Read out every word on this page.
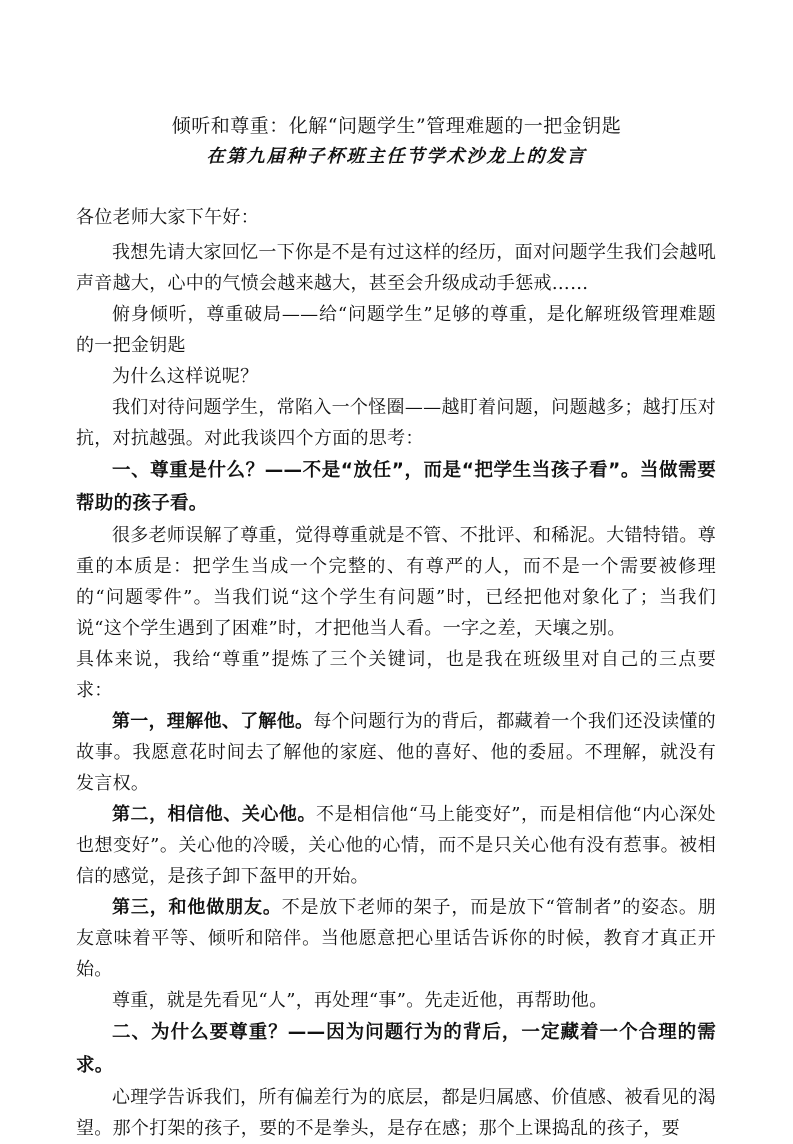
倾听和尊重：化解“问题学生”管理难题的一把金钥匙
在第九届种子杯班主任节学术沙龙上的发言

各位老师大家下午好：

我想先请大家回忆一下你是不是有过这样的经历，面对问题学生我们会越吼声音越大，心中的气愤会越来越大，甚至会升级成动手惩戒……

俯身倾听，尊重破局——给“问题学生”足够的尊重，是化解班级管理难题的一把金钥匙

为什么这样说呢？

我们对待问题学生，常陷入一个怪圈——越盯着问题，问题越多；越打压对抗，对抗越强。对此我谈四个方面的思考：

一、尊重是什么？——不是“放任”，而是“把学生当孩子看”。当做需要帮助的孩子看。

很多老师误解了尊重，觉得尊重就是不管、不批评、和稀泥。大错特错。尊重的本质是：把学生当成一个完整的、有尊严的人，而不是一个需要被修理的“问题零件”。当我们说“这个学生有问题”时，已经把他对象化了；当我们说“这个学生遇到了困难”时，才把他当人看。一字之差，天壤之别。

具体来说，我给“尊重”提炼了三个关键词，也是我在班级里对自己的三点要求：

第一，理解他、了解他。每个问题行为的背后，都藏着一个我们还没读懂的故事。我愿意花时间去了解他的家庭、他的喜好、他的委屈。不理解，就没有发言权。

第二，相信他、关心他。不是相信他“马上能变好”，而是相信他“内心深处也想变好”。关心他的冷暖，关心他的心情，而不是只关心他有没有惹事。被相信的感觉，是孩子卸下盔甲的开始。

第三，和他做朋友。不是放下老师的架子，而是放下“管制者”的姿态。朋友意味着平等、倾听和陪伴。当他愿意把心里话告诉你的时候，教育才真正开始。

尊重，就是先看见“人”，再处理“事”。先走近他，再帮助他。

二、为什么要尊重？——因为问题行为的背后，一定藏着一个合理的需求。

心理学告诉我们，所有偏差行为的底层，都是归属感、价值感、被看见的渴望。那个打架的孩子，要的不是拳头，是存在感；那个上课捣乱的孩子，要
